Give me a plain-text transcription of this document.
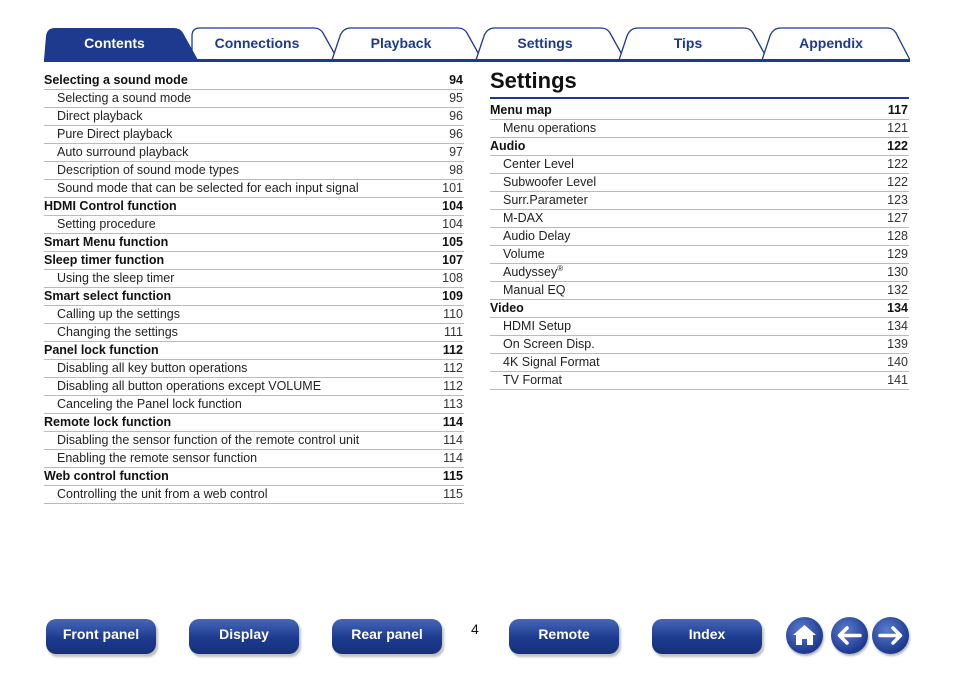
Contents	Connections	Playback	Settings	Tips	Appendix
Selecting a sound mode	94
Selecting a sound mode	95
Direct playback	96
Pure Direct playback	96
Auto surround playback	97
Description of sound mode types	98
Sound mode that can be selected for each input signal	101
HDMI Control function	104
Setting procedure	104
Smart Menu function	105
Sleep timer function	107
Using the sleep timer	108
Smart select function	109
Calling up the settings	110
Changing the settings	111
Panel lock function	112
Disabling all key button operations	112
Disabling all button operations except VOLUME	112
Canceling the Panel lock function	113
Remote lock function	114
Disabling the sensor function of the remote control unit	114
Enabling the remote sensor function	114
Web control function	115
Controlling the unit from a web control	115
Settings
Menu map	117
Menu operations	121
Audio	122
Center Level	122
Subwoofer Level	122
Surr.Parameter	123
M-DAX	127
Audio Delay	128
Volume	129
Audyssey®	130
Manual EQ	132
Video	134
HDMI Setup	134
On Screen Disp.	139
4K Signal Format	140
TV Format	141
Front panel	Display	Rear panel	4	Remote	Index
